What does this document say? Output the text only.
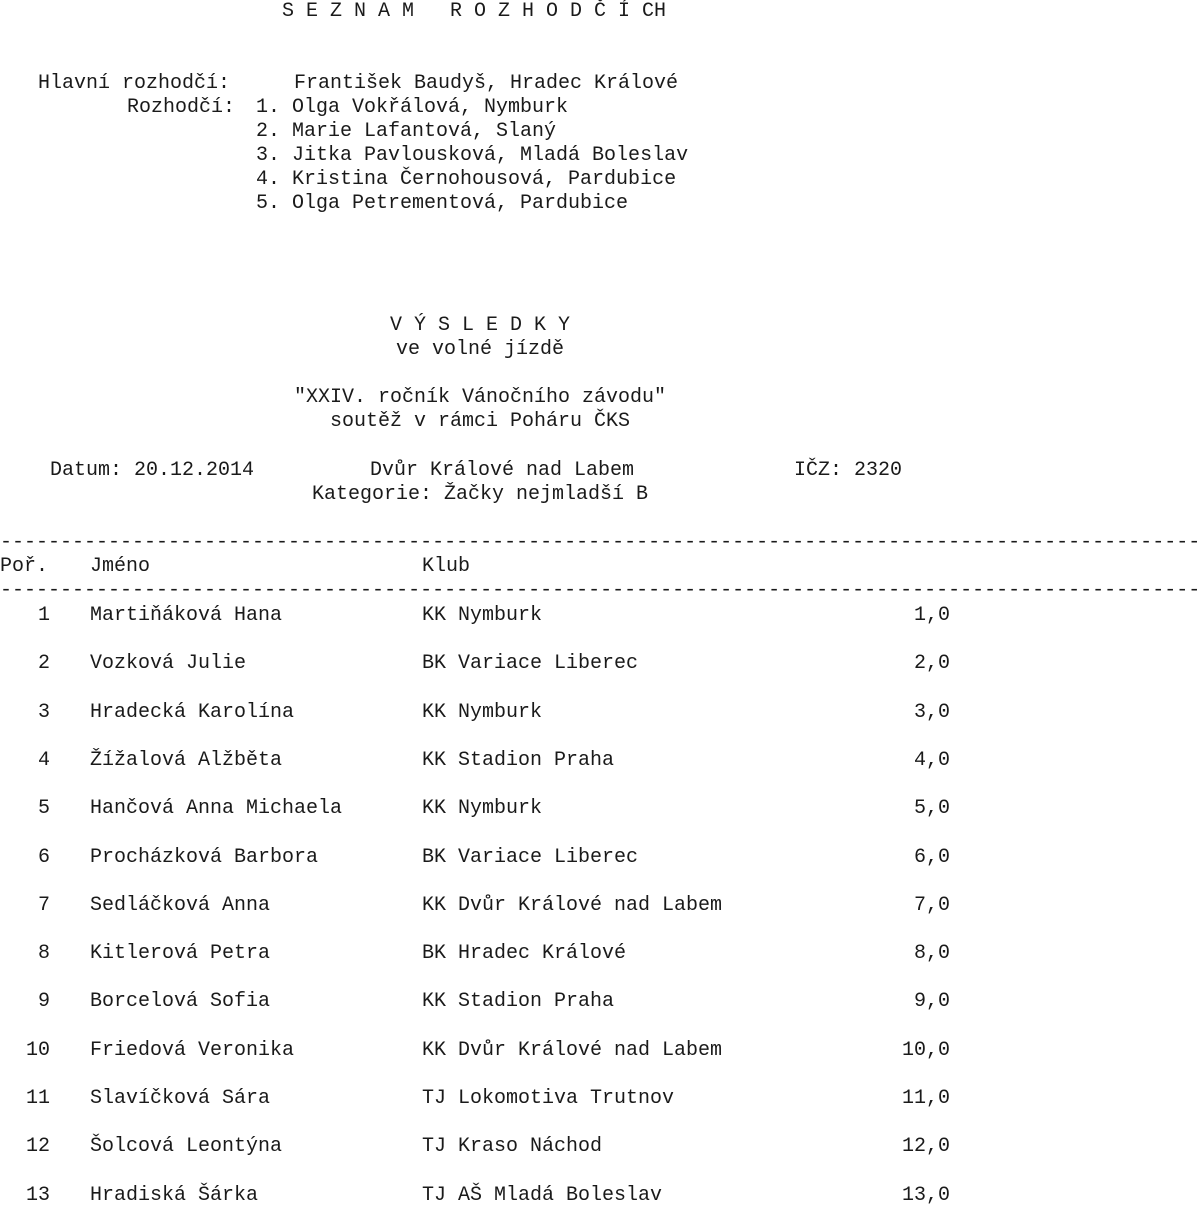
S E Z N A M   R O Z H O D Č Í CH
Hlavní rozhodčí:	František Baudyš, Hradec Králové
Rozhodčí: 1. Olga Vokřálová, Nymburk
2. Marie Lafantová, Slaný
3. Jitka Pavlousková, Mladá Boleslav
4. Kristina Černohousová, Pardubice
5. Olga Petrementová, Pardubice
V Ý S L E D K Y
ve volné jízdě
"XXIV. ročník Vánočního závodu"
soutěž v rámci Poháru ČKS
Datum: 20.12.2014	Dvůr Králové nad Labem	IČZ: 2320
Kategorie: Žačky nejmladší B
----------------------------------------------------------------------------------------------------
Poř. Jméno	Klub
----------------------------------------------------------------------------------------------------
1 Martiňáková Hana	KK Nymburk	1,0
2 Vozková Julie	BK Variace Liberec	2,0
3 Hradecká Karolína	KK Nymburk	3,0
4 Žížalová Alžběta	KK Stadion Praha	4,0
5 Hančová Anna Michaela	KK Nymburk	5,0
6 Procházková Barbora	BK Variace Liberec	6,0
7 Sedláčková Anna	KK Dvůr Králové nad Labem	7,0
8 Kitlerová Petra	BK Hradec Králové	8,0
9 Borcelová Sofia	KK Stadion Praha	9,0
10 Friedová Veronika	KK Dvůr Králové nad Labem	10,0
11 Slavíčková Sára	TJ Lokomotiva Trutnov	11,0
12 Šolcová Leontýna	TJ Kraso Náchod	12,0
13 Hradiská Šárka	TJ AŠ Mladá Boleslav	13,0
